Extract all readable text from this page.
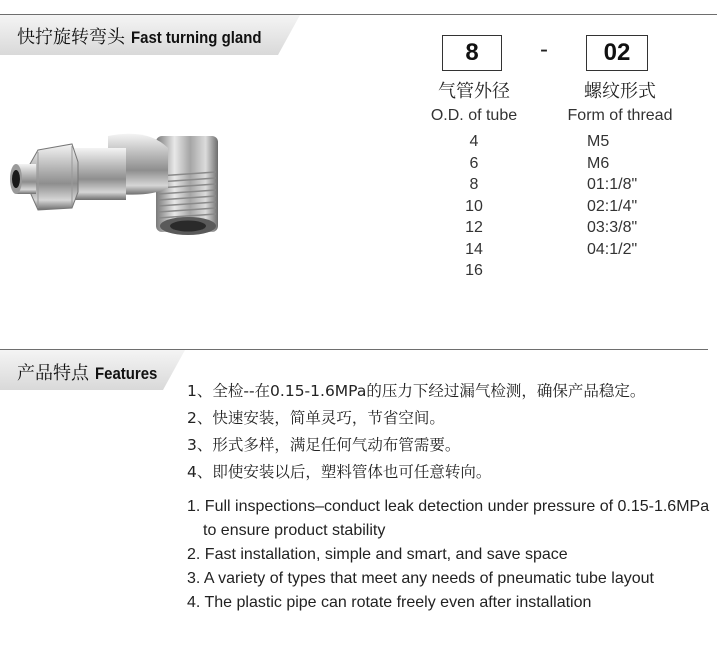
快拧旋转弯头 Fast turning gland
8	-	02
气管外径
O.D. of tube
4
6
8
10
12
14
16
螺纹形式
Form of thread
M5
M6
01:1/8"
02:1/4"
03:3/8"
04:1/2"
产品特点 Features
1、全检--在0.15-1.6MPa的压力下经过漏气检测，确保产品稳定。
2、快速安装，简单灵巧，节省空间。
3、形式多样，满足任何气动布管需要。
4、即使安装以后，塑料管体也可任意转向。
1. Full inspections–conduct leak detection under pressure of 0.15-1.6MPa
to ensure product stability
2. Fast installation, simple and smart, and save space
3. A variety of types that meet any needs of pneumatic tube layout
4. The plastic pipe can rotate freely even after installation
